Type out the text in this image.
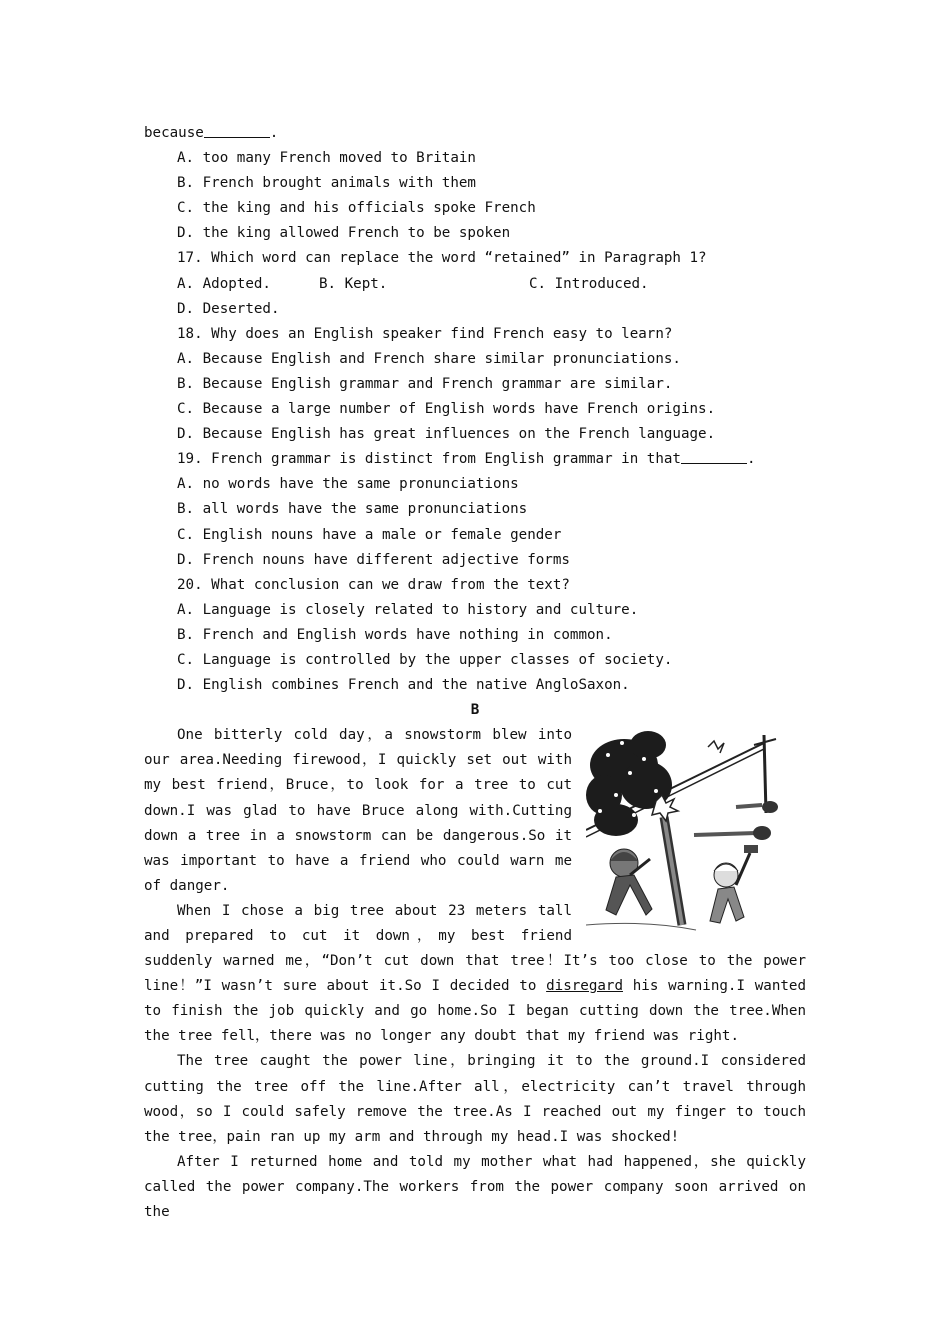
because	.
A. too many French moved to Britain
B. French brought animals with them
C. the king and his officials spoke French
D. the king allowed French to be spoken
17. Which word can replace the word “retained” in Paragraph 1?
A. Adopted.	B. Kept.	C. Introduced.
D. Deserted.
18. Why does an English speaker find French easy to learn?
A. Because English and French share similar pronunciations.
B. Because English grammar and French grammar are similar.
C. Because a large number of English words have French origins.
D. Because English has great influences on the French language.
19. French grammar is distinct from English grammar in that	.
A. no words have the same pronunciations
B. all words have the same pronunciations
C. English nouns have a male or female gender
D. French nouns have different adjective forms
20. What conclusion can we draw from the text?
A. Language is closely related to history and culture.
B. French and English words have nothing in common.
C. Language is controlled by the upper classes of society.
D. English combines French and the native AngloSaxon.
B

One bitterly cold day，a snowstorm blew into our area.Needing firewood，I quickly set out with my best friend，Bruce，to look for a tree to cut down.I was glad to have Bruce along with.Cutting down a tree in a snowstorm can be dangerous.So it was important to have a friend who could warn me of danger.

When I chose a big tree about 23 meters tall and prepared to cut it down，my best friend suddenly warned me，“Don’t cut down that tree！It’s too close to the power line！”I wasn’t sure about it.So I decided to disregard his warning.I wanted to finish the job quickly and go home.So I began cutting down the tree.When the tree fell，there was no longer any doubt that my friend was right.

The tree caught the power line，bringing it to the ground.I considered cutting the tree off the line.After all，electricity can’t travel through wood，so I could safely remove the tree.As I reached out my finger to touch the tree，pain ran up my arm and through my head.I was shocked!

After I returned home and told my mother what had happened，she quickly called the power company.The workers from the power company soon arrived on the
